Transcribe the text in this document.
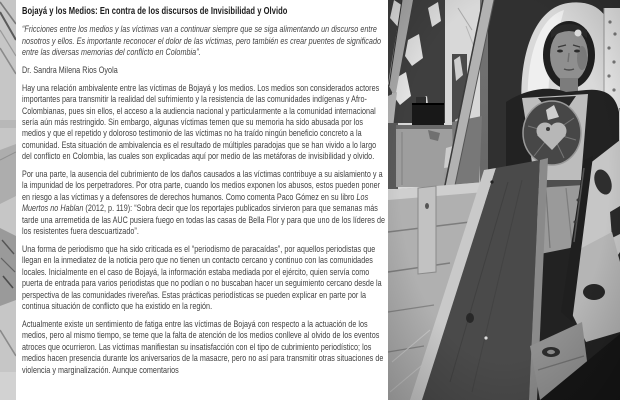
Bojayá y los Medios: En contra de los discursos de Invisibilidad y Olvido

“Fricciones entre los medios y las víctimas van a continuar siempre que se siga alimentando un discurso entre nosotros y ellos. Es importante reconocer el dolor de las víctimas, pero también es crear puentes de significado entre las diversas memorias del conflicto en Colombia”.

Dr. Sandra Milena Rios Oyola

Hay una relación ambivalente entre las víctimas de Bojayá y los medios. Los medios son considerados actores importantes para transmitir la realidad del sufrimiento y la resistencia de las comunidades indígenas y Afro-Colombianas, pues sin ellos, el acceso a la audiencia nacional y particularmente a la comunidad internacional sería aún más restringido. Sin embargo, algunas víctimas temen que su memoria ha sido abusada por los medios y que el repetido y doloroso testimonio de las víctimas no ha traído ningún beneficio concreto a la comunidad. Esta situación de ambivalencia es el resultado de múltiples paradojas que se han vivido a lo largo del conflicto en Colombia, las cuales son explicadas aquí por medio de las metáforas de invisibilidad y olvido.

Por una parte, la ausencia del cubrimiento de los daños causados a las víctimas contribuye a su aislamiento y a la impunidad de los perpetradores. Por otra parte, cuando los medios exponen los abusos, estos pueden poner en riesgo a las víctimas y a defensores de derechos humanos. Como comenta Paco Gómez en su libro Los Muertos no Hablan (2012, p. 119): “Sobra decir que los reportajes publicados sirvieron para que semanas más tarde una arremetida de las AUC pusiera fuego en todas las casas de Bella Flor y para que uno de los líderes de los resistentes fuera descuartizado”.

Una forma de periodismo que ha sido criticada es el “periodismo de paracaídas”, por aquellos periodistas que llegan en la inmediatez de la noticia pero que no tienen un contacto cercano y continuo con las comunidades locales. Inicialmente en el caso de Bojayá, la información estaba mediada por el ejército, quien servía como puerta de entrada para varios periodistas que no podían o no buscaban hacer un seguimiento cercano desde la perspectiva de las comunidades rivereñas. Estas prácticas periodísticas se pueden explicar en parte por la continua situación de conflicto que ha existido en la región.

Actualmente existe un sentimiento de fatiga entre las víctimas de Bojayá con respecto a la actuación de los medios, pero al mismo tiempo, se teme que la falta de atención de los medios conlleve al olvido de los eventos atroces que ocurrieron. Las víctimas manifiestan su insatisfacción con el tipo de cubrimiento periodístico; los medios hacen presencia durante los aniversarios de la masacre, pero no así para transmitir otras situaciones de violencia y marginalización. Aunque comentarios
